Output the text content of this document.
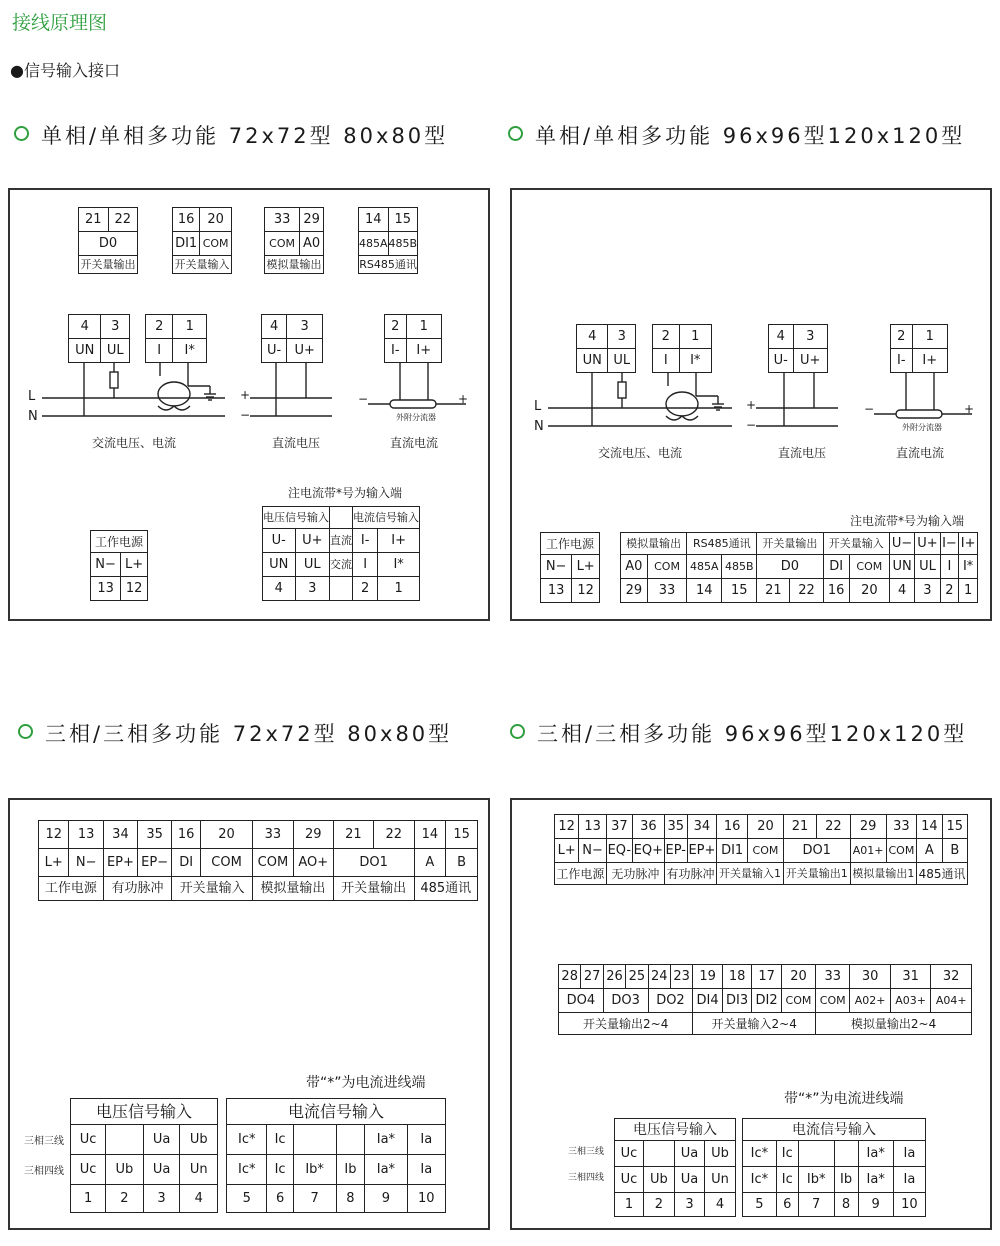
接线原理图
●信号输入接口
单相/单相多功能 72x72型 80x80型	单相/单相多功能 96x96型120x120型
三相/三相多功能 72x72型 80x80型	三相/三相多功能 96x96型120x120型
21	22
D0
开关量输出
16	20
DI1	COM
开关量输入	
33	29
COM	A0
模拟量输出	
14	15
485A	485B
RS485通讯	
4	3
UN	UL
2	1
I	I*
4	3
U-	U+
2	1
I-	I+
L
N
+
−
−	+
外附分流器
交流电压、电流	直流电压	直流电流
注电流带*号为输入端
工作电源	
N−	L+
13	12
电压信号输入			电流信号输入	
U-	U+	直流	I-	I+
UN	UL	交流	I	I*
4	3		2	1
4	3
UN	UL
2	1
I	I*
4	3
U-	U+
2	1
I-	I+
L
N
+
−
−	+
外附分流器
交流电压、电流	直流电压	直流电流
注电流带*号为输入端
工作电源	
N−	L+
13	12
模拟量输出		RS485通讯		开关量输出		开关量输入		U−	U+	I−	I+
A0	COM	485A	485B	D0		DI	COM	UN	UL	I	I*
29	33	14	15	21	22	16	20	4	3	2	1
12	13	34	35	16	20	33	29	21	22	14	15
L+	N−	EP+	EP−	DI	COM	COM	AO+	DO1		A	B
工作电源		有功脉冲		开关量输入		模拟量输出		开关量输出		485通讯	
带“*”为电流进线端
三相三线
三相四线
电压信号输入			
Uc		Ua	Ub
Uc	Ub	Ua	Un
1	2	3	4
电流信号输入					
Ic*	Ic			Ia*	Ia
Ic*	Ic	Ib*	Ib	Ia*	Ia
5	6	7	8	9	10
12	13	37	36	35	34	16	20	21	22	29	33	14	15
L+	N−	EQ-	EQ+	EP-	EP+	DI1	COM	DO1		A01+	COM	A	B
工作电源		无功脉冲		有功脉冲		开关量输入1		开关量输出1		模拟量输出1		485通讯	
28	27	26	25	24	23	19	18	17	20	33	30	31	32
DO4		DO3		DO2		DI4	DI3	DI2	COM	COM	A02+	A03+	A04+
开关量输出2~4						开关量输入2~4				模拟量输出2~4			
带“*”为电流进线端
三相三线
三相四线
电压信号输入			
Uc		Ua	Ub
Uc	Ub	Ua	Un
1	2	3	4
电流信号输入					
Ic*	Ic			Ia*	Ia
Ic*	Ic	Ib*	Ib	Ia*	Ia
5	6	7	8	9	10
